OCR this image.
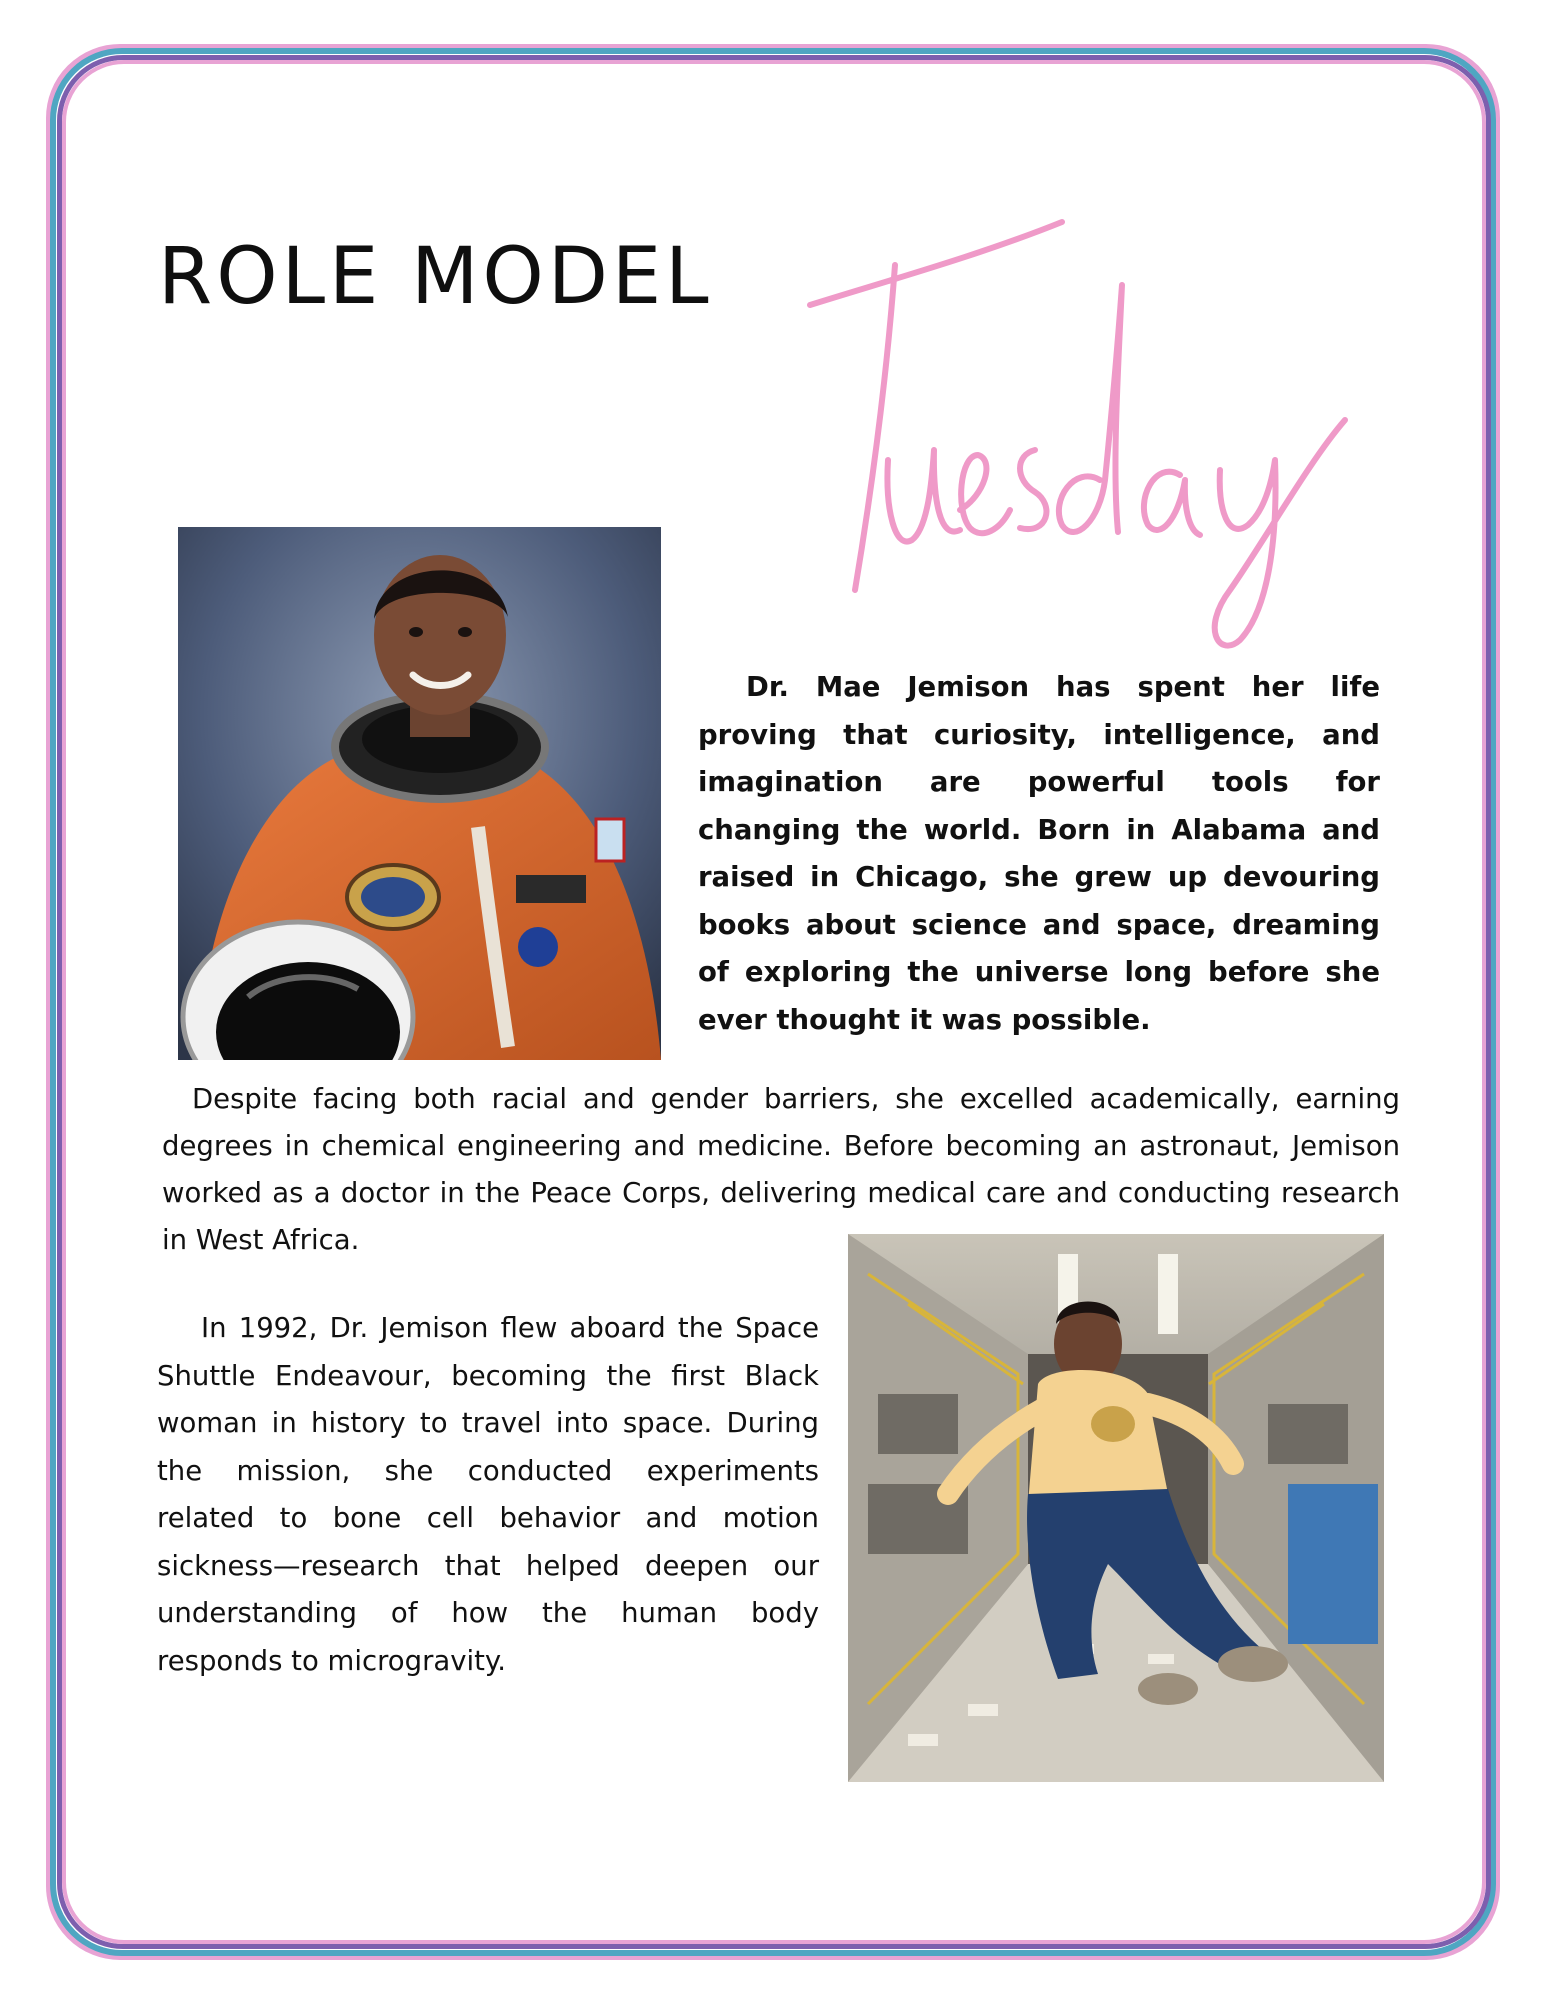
ROLE MODEL

Dr. Mae Jemison has spent her life proving that curiosity, intelligence, and imagination are powerful tools for changing the world. Born in Alabama and raised in Chicago, she grew up devouring books about science and space, dreaming of exploring the universe long before she ever thought it was possible.

Despite facing both racial and gender barriers, she excelled academically, earning degrees in chemical engineering and medicine. Before becoming an astronaut, Jemison worked as a doctor in the Peace Corps, delivering medical care and conducting research in West Africa.

In 1992, Dr. Jemison flew aboard the Space Shuttle Endeavour, becoming the first Black woman in history to travel into space. During the mission, she conducted experiments related to bone cell behavior and motion sickness—research that helped deepen our understanding of how the human body responds to microgravity.
